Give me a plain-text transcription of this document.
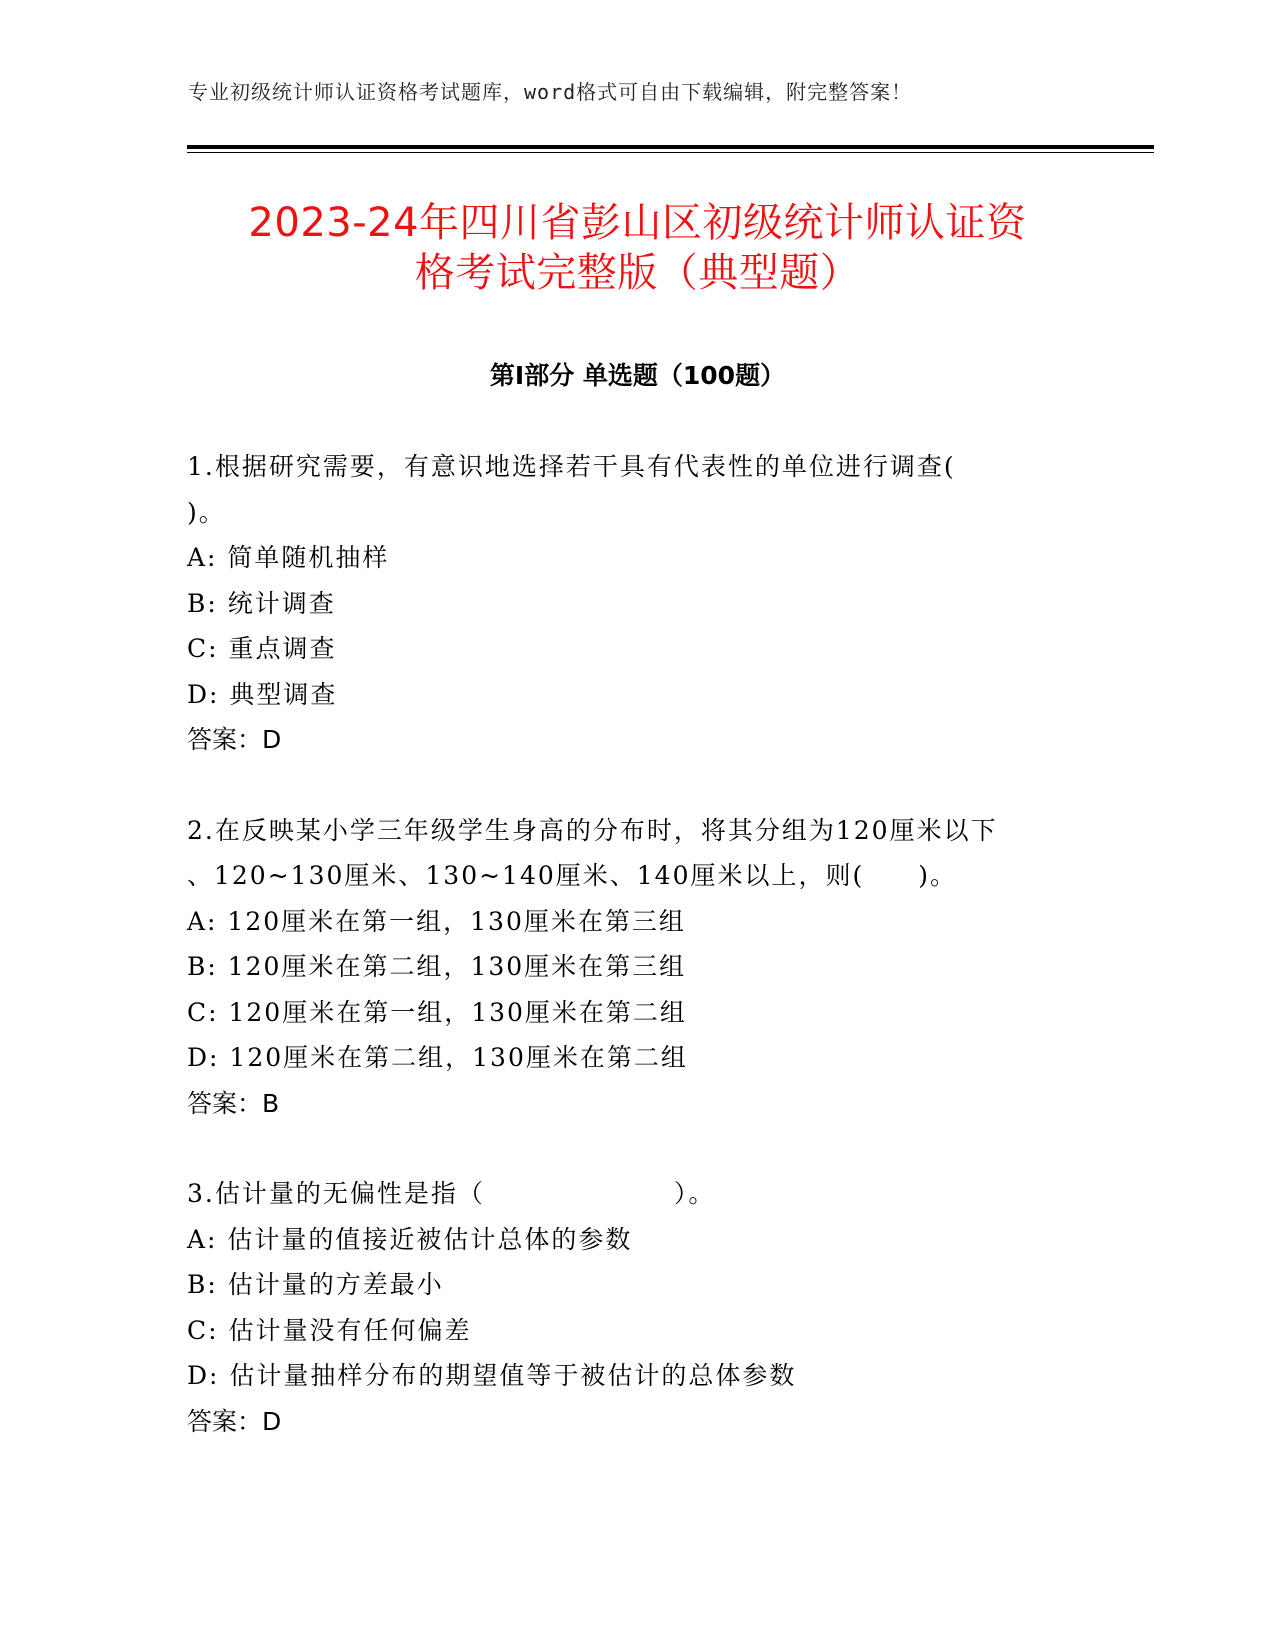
专业初级统计师认证资格考试题库，word格式可自由下载编辑，附完整答案！
2023-24年四川省彭山区初级统计师认证资
格考试完整版（典型题）
第Ⅰ部分 单选题（100题）
1.根据研究需要，有意识地选择若干具有代表性的单位进行调查(
)。
A: 简单随机抽样
B: 统计调查
C: 重点调查
D: 典型调查
答案：D
2.在反映某小学三年级学生身高的分布时，将其分组为120厘米以下
、120~130厘米、130~140厘米、140厘米以上，则(　　)。
A: 120厘米在第一组，130厘米在第三组
B: 120厘米在第二组，130厘米在第三组
C: 120厘米在第一组，130厘米在第二组
D: 120厘米在第二组，130厘米在第二组
答案：B
3.估计量的无偏性是指（　　　　　　　）。
A: 估计量的值接近被估计总体的参数
B: 估计量的方差最小
C: 估计量没有任何偏差
D: 估计量抽样分布的期望值等于被估计的总体参数
答案：D
